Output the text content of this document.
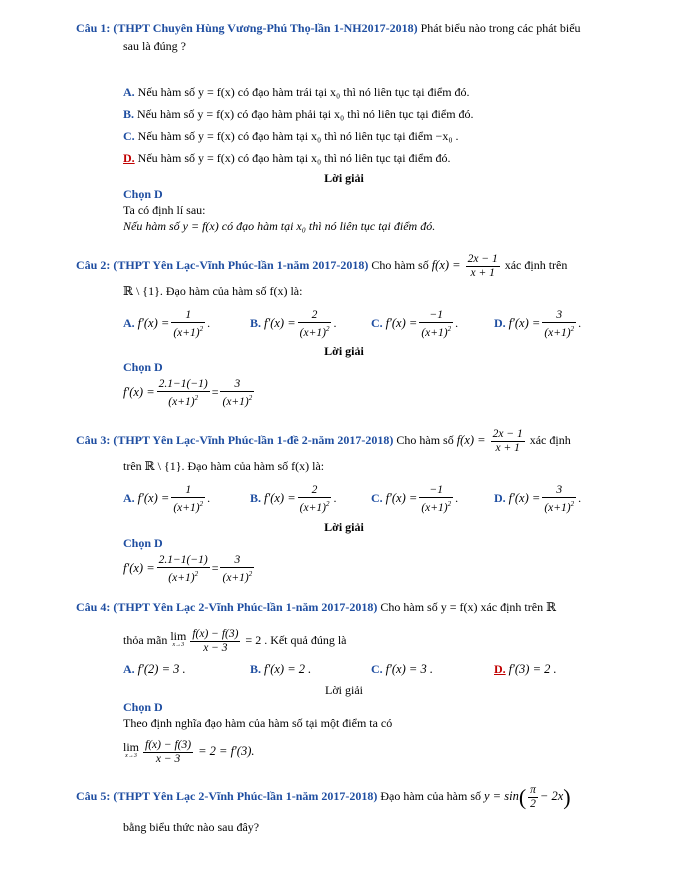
Câu 1: (THPT Chuyên Hùng Vương-Phú Thọ-lần 1-NH2017-2018) Phát biểu nào trong các phát biểu
sau là đúng ?
A. Nếu hàm số y = f(x) có đạo hàm trái tại x₀ thì nó liên tục tại điểm đó.
B. Nếu hàm số y = f(x) có đạo hàm phải tại x₀ thì nó liên tục tại điểm đó.
C. Nếu hàm số y = f(x) có đạo hàm tại x₀ thì nó liên tục tại điểm −x₀ .
D. Nếu hàm số y = f(x) có đạo hàm tại x₀ thì nó liên tục tại điểm đó.
Lời giải
Chọn D
Ta có định lí sau:
Nếu hàm số y = f(x) có đạo hàm tại x₀ thì nó liên tục tại điểm đó.
Câu 2: (THPT Yên Lạc-Vĩnh Phúc-lần 1-năm 2017-2018) Cho hàm số $f(x) = \frac{2x - 1}{x + 1}$ xác định trên
ℝ \ {1}. Đạo hàm của hàm số f(x) là:
A. $f'(x) = \frac{1}{(x+1)^2}$ .	B. $f'(x) = \frac{2}{(x+1)^2}$ .	C. $f'(x) = \frac{-1}{(x+1)^2}$ .	D. $f'(x) = \frac{3}{(x+1)^2}$ .
Lời giải
Chọn D
$f'(x) = \frac{2.1-1(-1)}{(x+1)^2} = \frac{3}{(x+1)^2}$
Câu 3: (THPT Yên Lạc-Vĩnh Phúc-lần 1-đề 2-năm 2017-2018) Cho hàm số $f(x) = \frac{2x - 1}{x + 1}$ xác định
trên ℝ \ {1}. Đạo hàm của hàm số f(x) là:
A. $f'(x) = \frac{1}{(x+1)^2}$ .	B. $f'(x) = \frac{2}{(x+1)^2}$ .	C. $f'(x) = \frac{-1}{(x+1)^2}$ .	D. $f'(x) = \frac{3}{(x+1)^2}$ .
Lời giải
Chọn D
$f'(x) = \frac{2.1-1(-1)}{(x+1)^2} = \frac{3}{(x+1)^2}$
Câu 4: (THPT Yên Lạc 2-Vĩnh Phúc-lần 1-năm 2017-2018) Cho hàm số y = f(x) xác định trên ℝ
thỏa mãn lim
$x\to 3 \frac{f(x) - f(3)}{x - 3} = 2$ . Kết quả đúng là
A. f′(2) = 3 .	B. f′(x) = 2 .	C. f′(x) = 3 .	D. f′(3) = 2 .
Lời giải
Chọn D
Theo định nghĩa đạo hàm của hàm số tại một điểm ta có
lim
$x\to 3 \frac{f(x) - f(3)}{x - 3} = 2 = f'(3)$.
Câu 5: (THPT Yên Lạc 2-Vĩnh Phúc-lần 1-năm 2017-2018) Đạo hàm của hàm số $y = \sin( \frac{\pi}{2} - 2x)$
bằng biểu thức nào sau đây?
